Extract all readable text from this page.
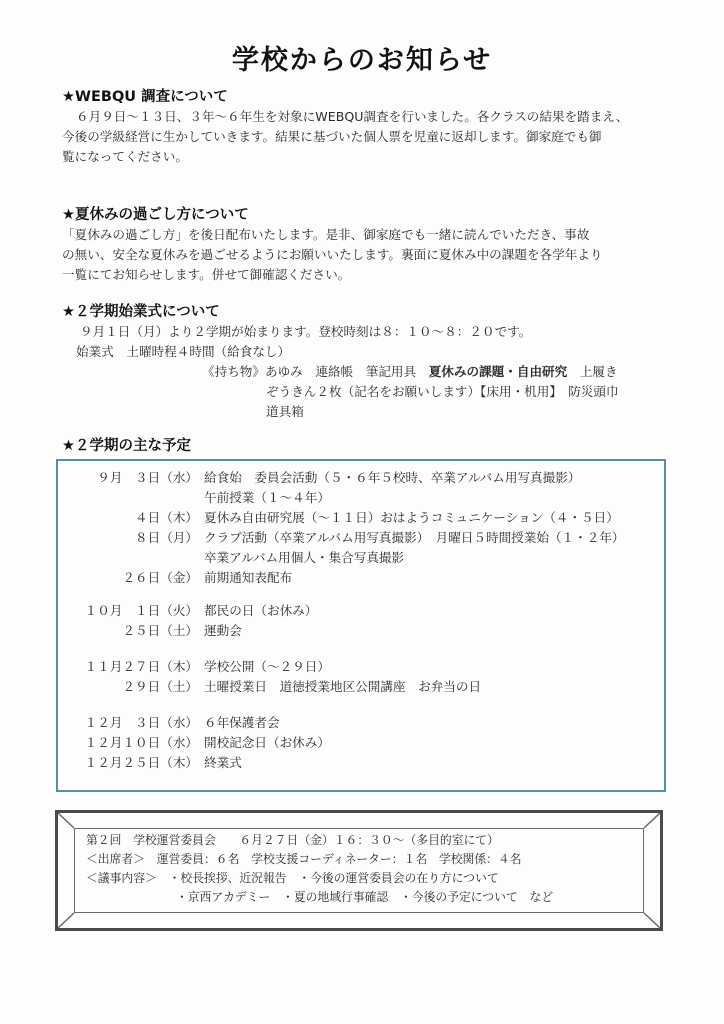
学校からのお知らせ
★WEBQU 調査について

６月９日～１３日、３年～６年生を対象にWEBQU調査を行いました。各クラスの結果を踏まえ、
今後の学級経営に生かしていきます。結果に基づいた個人票を児童に返却します。御家庭でも御
覧になってください。

★夏休みの過ごし方について

「夏休みの過ごし方」を後日配布いたします。是非、御家庭でも一緒に読んでいただき、事故
の無い、安全な夏休みを過ごせるようにお願いいたします。裏面に夏休み中の課題を各学年より
一覧にてお知らせします。併せて御確認ください。

★２学期始業式について

９月１日（月）より２学期が始まります。登校時刻は８：１０～８：２０です。
始業式　土曜時程４時間（給食なし）

《持ち物》あゆみ　連絡帳　筆記用具　夏休みの課題・自由研究　上履き
ぞうきん２枚（記名をお願いします）【床用・机用】　防災頭巾
道具箱
★２学期の主な予定
９月　３日（水） 給食始　委員会活動（５・６年５校時、卒業アルバム用写真撮影）
午前授業（１～４年）
４日（木） 夏休み自由研究展（～１１日）おはようコミュニケーション（４・５日）
８日（月） クラブ活動（卒業アルバム用写真撮影）　月曜日５時間授業始（１・２年）
卒業アルバム用個人・集合写真撮影
２６日（金） 前期通知表配布
１０月　１日（火） 都民の日（お休み）
２５日（土） 運動会
１１月２７日（木） 学校公開（～２９日）
２９日（土） 土曜授業日　道徳授業地区公開講座　お弁当の日
１２月　３日（水） ６年保護者会
１２月１０日（水） 開校記念日（お休み）
１２月２５日（木） 終業式
第２回　学校運営委員会　　６月２７日（金）１６：３０～（多目的室にて）
＜出席者＞　運営委員：６名　学校支援コーディネーター：１名　学校関係：４名
＜議事内容＞　・校長挨拶、近況報告　・今後の運営委員会の在り方について
・京西アカデミー　・夏の地域行事確認　・今後の予定について　など
